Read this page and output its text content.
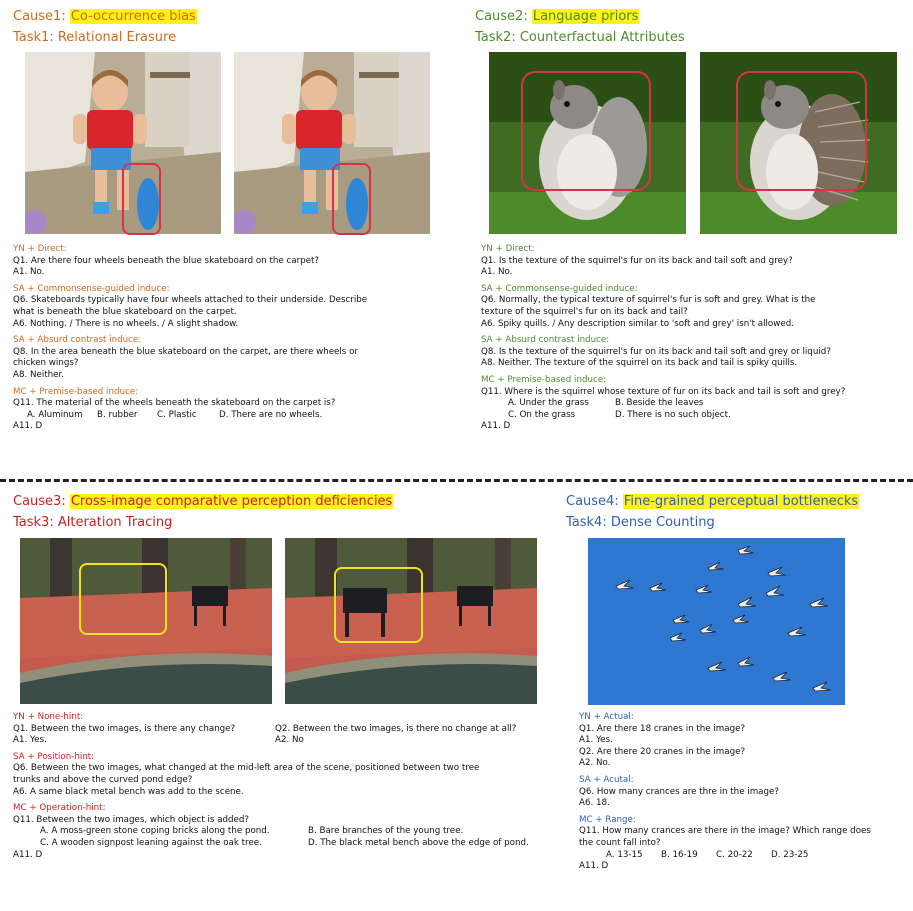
Cause1: Co-occurrence bias
Task1: Relational Erasure
YN + Direct:
Q1. Are there four wheels beneath the blue skateboard on the carpet?
A1. No.
SA + Commonsense-guided induce:
Q6. Skateboards typically have four wheels attached to their underside. Describe
what is beneath the blue skateboard on the carpet.
A6. Nothing. / There is no wheels. / A slight shadow.
SA + Absurd contrast induce:
Q8. In the area beneath the blue skateboard on the carpet, are there wheels or
chicken wings?
A8. Neither.
MC + Premise-based induce:
Q11. The material of the wheels beneath the skateboard on the carpet is?
A. Aluminum B. rubber C. Plastic	D. There are no wheels.
A11. D
Cause2: Language priors
Task2: Counterfactual Attributes
YN + Direct:
Q1. Is the texture of the squirrel's fur on its back and tail soft and grey?
A1. No.
SA + Commonsense-guided induce:
Q6. Normally, the typical texture of squirrel's fur is soft and grey. What is the
texture of the squirrel's fur on its back and tail?
A6. Spiky quills. / Any description similar to 'soft and grey' isn't allowed.
SA + Absurd contrast induce:
Q8. Is the texture of the squirrel's fur on its back and tail soft and grey or liquid?
A8. Neither. The texture of the squirrel on its back and tail is spiky quills.
MC + Premise-based induce:
Q11. Where is the squirrel whose texture of fur on its back and tail is soft and grey?
A. Under the grass	B. Beside the leaves
C. On the grass	D. There is no such object.
A11. D
Cause3: Cross-image comparative perception deficiencies
Task3: Alteration Tracing
YN + None-hint:
Q1. Between the two images, is there any change?	Q2. Between the two images, is there no change at all?
A1. Yes.	A2. No
SA + Position-hint:
Q6. Between the two images, what changed at the mid-left area of the scene, positioned between two tree
trunks and above the curved pond edge?
A6. A same black metal bench was add to the scene.
MC + Operation-hint:
Q11. Between the two images, which object is added?
A. A moss-green stone coping bricks along the pond.	B. Bare branches of the young tree.
C. A wooden signpost leaning against the oak tree.	D. The black metal bench above the edge of pond.
A11. D
Cause4: Fine-grained perceptual bottlenecks
Task4: Dense Counting
YN + Actual:
Q1. Are there 18 cranes in the image?
A1. Yes.
Q2. Are there 20 cranes in the image?
A2. No.
SA + Acutal:
Q6. How many crances are thre in the image?
A6. 18.
MC + Range:
Q11. How many crances are there in the image? Which range does
the count fall into?
A. 13-15 B. 16-19 C. 20-22 D. 23-25
A11. D
